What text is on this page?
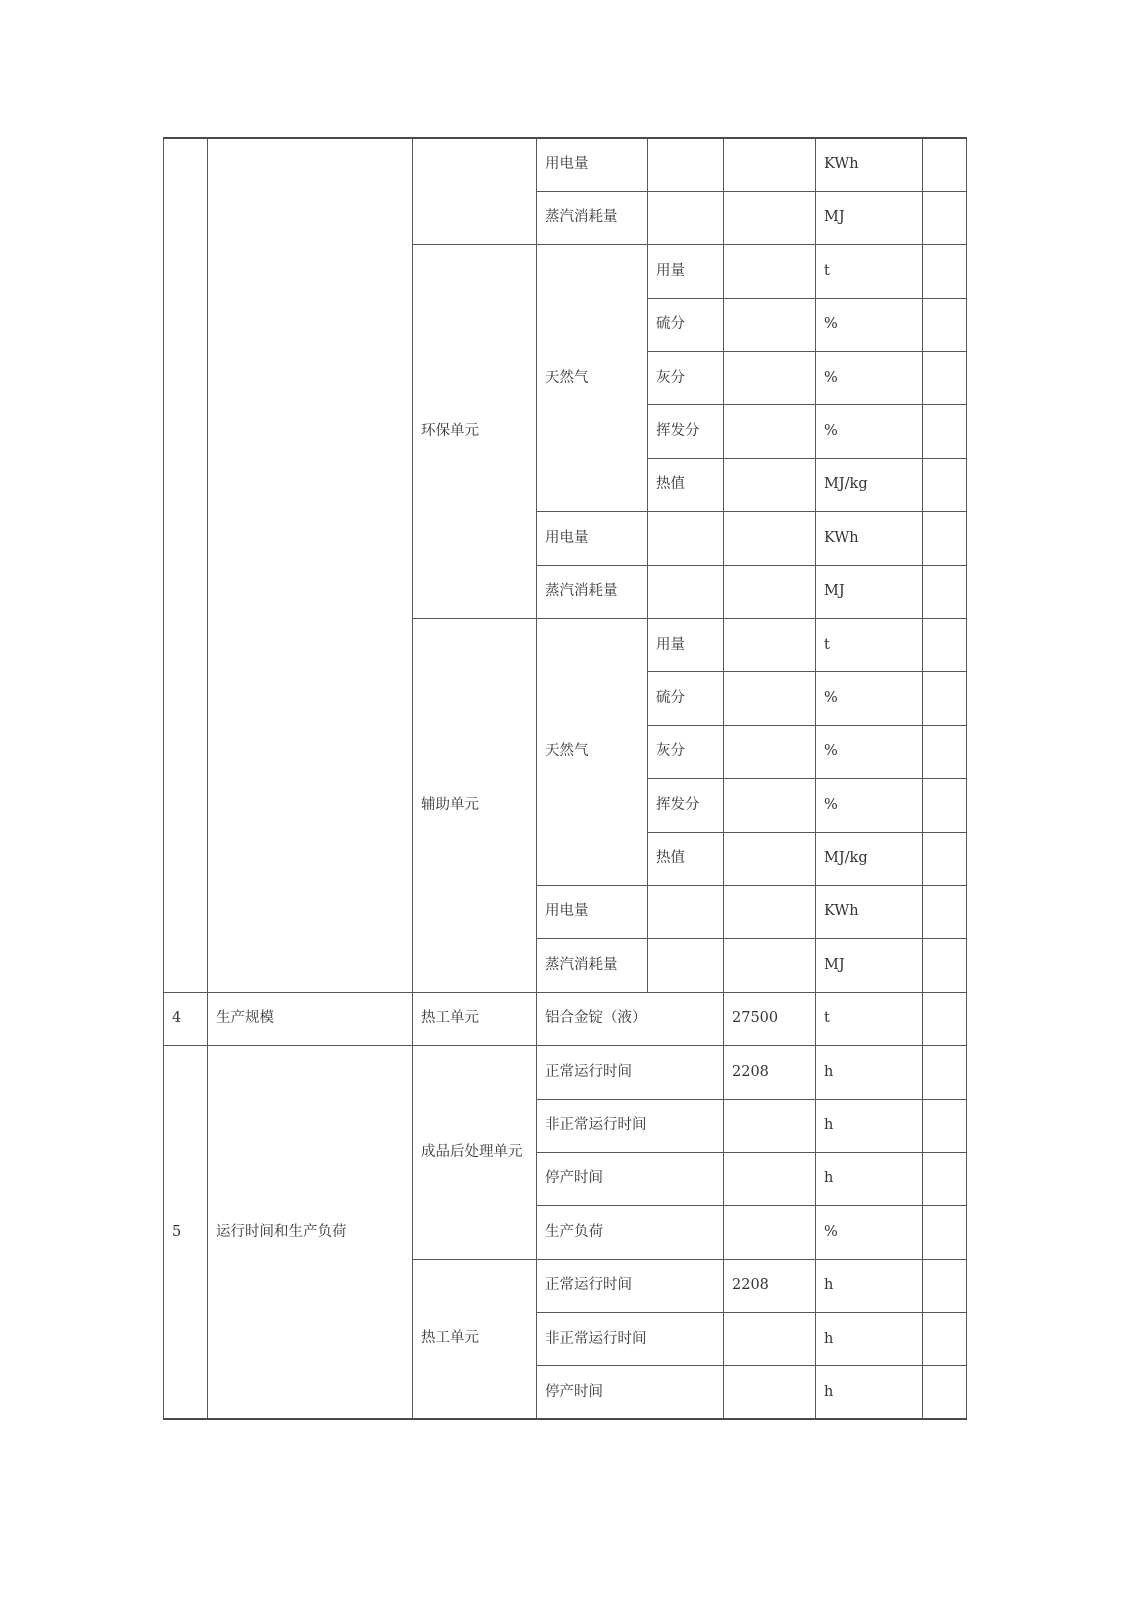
			用电量			KWh	
			蒸汽消耗量			MJ	
		环保单元	天然气	用量		t	
				硫分		%	
				灰分		%	
				挥发分		%	
				热值		MJ/kg	
			用电量			KWh	
			蒸汽消耗量			MJ	
		辅助单元	天然气	用量		t	
				硫分		%	
				灰分		%	
				挥发分		%	
				热值		MJ/kg	
			用电量			KWh	
			蒸汽消耗量			MJ	
4	生产规模	热工单元	铝合金锭（液）		27500	t	
5	运行时间和生产负荷	成品后处理单元	正常运行时间		2208	h	
			非正常运行时间			h	
			停产时间			h	
			生产负荷			%	
		热工单元	正常运行时间		2208	h	
			非正常运行时间			h	
			停产时间			h	
